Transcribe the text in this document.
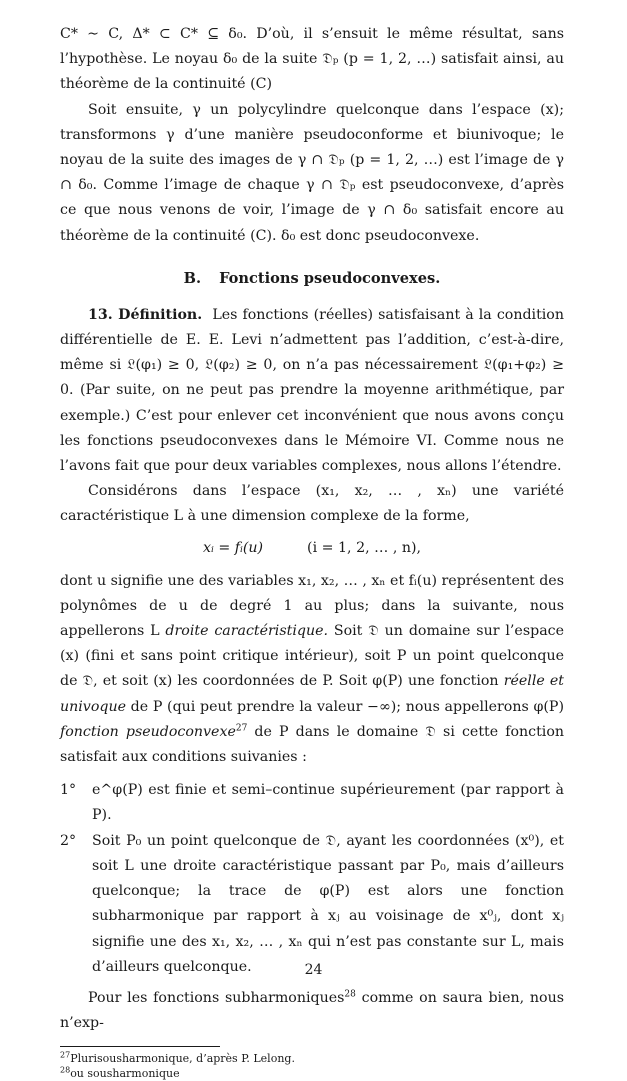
C* ∼ C, Δ* ⊂ C* ⊆ δ₀. D’où, il s’ensuit le même résultat, sans l’hypothèse. Le noyau δ₀ de la suite 𝔇ₚ (p = 1, 2, …) satisfait ainsi, au théorème de la continuité (C)

Soit ensuite, γ un polycylindre quelconque dans l’espace (x); transformons γ d’une manière pseudoconforme et biunivoque; le noyau de la suite des images de γ ∩ 𝔇ₚ (p = 1, 2, …) est l’image de γ ∩ δ₀. Comme l’image de chaque γ ∩ 𝔇ₚ est pseudoconvexe, d’après ce que nous venons de voir, l’image de γ ∩ δ₀ satisfait encore au théorème de la continuité (C). δ₀ est donc pseudoconvexe.

B. Fonctions pseudoconvexes.

13. Définition. Les fonctions (réelles) satisfaisant à la condition différentielle de E. E. Levi n’admettent pas l’addition, c’est-à-dire, même si 𝔏(φ₁) ≥ 0, 𝔏(φ₂) ≥ 0, on n’a pas nécessairement 𝔏(φ₁+φ₂) ≥ 0. (Par suite, on ne peut pas prendre la moyenne arithmétique, par exemple.) C’est pour enlever cet inconvénient que nous avons conçu les fonctions pseudoconvexes dans le Mémoire VI. Comme nous ne l’avons fait que pour deux variables complexes, nous allons l’étendre.

Considérons dans l’espace (x₁, x₂, … , xₙ) une variété caractéristique L à une dimension complexe de la forme,

xᵢ = fᵢ(u)	(i = 1, 2, … , n),

dont u signifie une des variables x₁, x₂, … , xₙ et fᵢ(u) représentent des polynômes de u de degré 1 au plus; dans la suivante, nous appellerons L droite caractéristique. Soit 𝔇 un domaine sur l’espace (x) (fini et sans point critique intérieur), soit P un point quelconque de 𝔇, et soit (x) les coordonnées de P. Soit φ(P) une fonction réelle et univoque de P (qui peut prendre la valeur −∞); nous appellerons φ(P) fonction pseudoconvexe$^{27}$ de P dans le domaine 𝔇 si cette fonction satisfait aux conditions suivanies :

1°	e^φ(P) est finie et semi–continue supérieurement (par rapport à P).
2°	Soit P₀ un point quelconque de 𝔇, ayant les coordonnées (x⁰), et soit L une droite caractéristique passant par P₀, mais d’ailleurs quelconque; la trace de φ(P) est alors une fonction subharmonique par rapport à xⱼ au voisinage de x⁰ⱼ, dont xⱼ signifie une des x₁, x₂, … , xₙ qui n’est pas constante sur L, mais d’ailleurs quelconque.

Pour les fonctions subharmoniques$^{28}$ comme on saura bien, nous n’exp-

$^{27}$Plurisousharmonique, d’après P. Lelong.

$^{28}$ou sousharmonique

24
